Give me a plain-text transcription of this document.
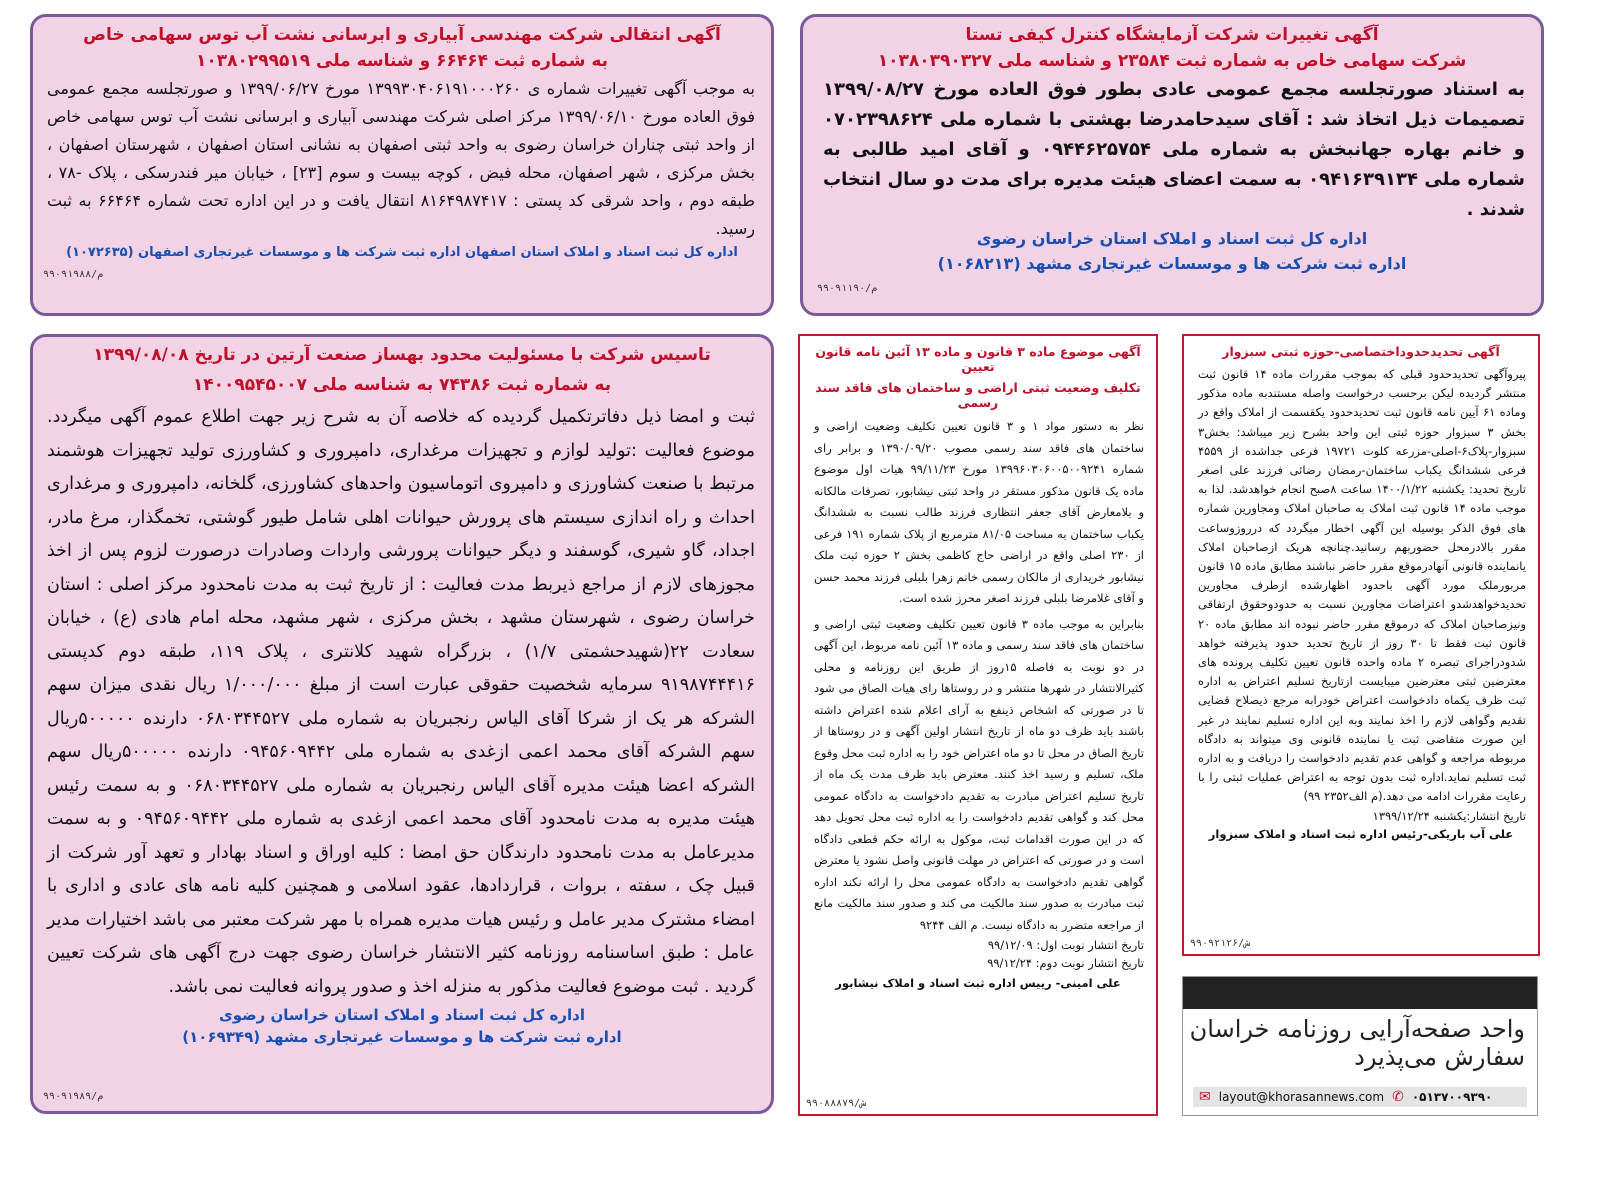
آگهی انتقالی شرکت مهندسی آبیاری و ابرسانی نشت آب توس سهامی خاص
به شماره ثبت ۶۶۴۶۴ و شناسه ملی ۱۰۳۸۰۲۹۹۵۱۹
به موجب آگهی تغییرات شماره ی ۱۳۹۹۳۰۴۰۶۱۹۱۰۰۰۲۶۰ مورخ ۱۳۹۹/۰۶/۲۷ و صورتجلسه مجمع عمومی فوق العاده مورخ ۱۳۹۹/۰۶/۱۰ مرکز اصلی شرکت مهندسی آبیاری و ابرسانی نشت آب توس سهامی خاص از واحد ثبتی چناران خراسان رضوی به واحد ثبتی اصفهان به نشانی استان اصفهان ، شهرستان اصفهان ، بخش مرکزی ، شهر اصفهان، محله فیض ، کوچه بیست و سوم [۲۳] ، خیابان میر فندرسکی ، پلاک -۷۸ ، طبقه دوم ، واحد شرقی کد پستی : ۸۱۶۴۹۸۷۴۱۷ انتقال یافت و در این اداره تحت شماره ۶۶۴۶۴ به ثبت رسید.
اداره کل ثبت اسناد و املاک استان اصفهان اداره ثبت شرکت ها و موسسات غیرتجاری اصفهان (۱۰۷۲۶۳۵)
م/۹۹۰۹۱۹۸۸
آگهی تغییرات شرکت آزمایشگاه کنترل کیفی تستا
شرکت سهامی خاص به شماره ثبت ۲۳۵۸۴ و شناسه ملی ۱۰۳۸۰۳۹۰۳۲۷
به استناد صورتجلسه مجمع عمومی عادی بطور فوق العاده مورخ ۱۳۹۹/۰۸/۲۷ تصمیمات ذیل اتخاذ شد : آقای سیدحامدرضا بهشتی با شماره ملی ۰۷۰۲۳۹۸۶۲۴ و خانم بهاره جهانبخش به شماره ملی ۰۹۴۴۶۲۵۷۵۴ و آقای امید طالبی به شماره ملی ۰۹۴۱۶۳۹۱۳۴ به سمت اعضای هیئت مدیره برای مدت دو سال انتخاب شدند .
اداره کل ثبت اسناد و املاک استان خراسان رضوی
اداره ثبت شرکت ها و موسسات غیرتجاری مشهد (۱۰۶۸۲۱۳)
م/۹۹۰۹۱۱۹۰
تاسیس شرکت با مسئولیت محدود بهساز صنعت آرتین در تاریخ ۱۳۹۹/۰۸/۰۸
به شماره ثبت ۷۴۳۸۶ به شناسه ملی ۱۴۰۰۹۵۴۵۰۰۷
ثبت و امضا ذیل دفاترتکمیل گردیده که خلاصه آن به شرح زیر جهت اطلاع عموم آگهی میگردد. موضوع فعالیت :تولید لوازم و تجهیزات مرغداری، دامپروری و کشاورزی تولید تجهیزات هوشمند مرتبط با صنعت کشاورزی و دامپروی اتوماسیون واحدهای کشاورزی، گلخانه، دامپروری و مرغداری احداث و راه اندازی سیستم های پرورش حیوانات اهلی شامل طیور گوشتی، تخمگذار، مرغ مادر، اجداد، گاو شیری، گوسفند و دیگر حیوانات پرورشی واردات وصادرات درصورت لزوم پس از اخذ مجوزهای لازم از مراجع ذیربط مدت فعالیت : از تاریخ ثبت به مدت نامحدود مرکز اصلی : استان خراسان رضوی ، شهرستان مشهد ، بخش مرکزی ، شهر مشهد، محله امام هادی (ع) ، خیابان سعادت ۲۲(شهیدحشمتی ۱/۷) ، بزرگراه شهید کلانتری ، پلاک ۱۱۹، طبقه دوم کدپستی ۹۱۹۸۷۴۴۴۱۶ سرمایه شخصیت حقوقی عبارت است از مبلغ ۱/۰۰۰/۰۰۰ ریال نقدی میزان سهم الشرکه هر یک از شرکا آقای الیاس رنجبریان به شماره ملی ۰۶۸۰۳۴۴۵۲۷ دارنده ۵۰۰۰۰۰ریال سهم الشرکه آقای محمد اعمی ازغدی به شماره ملی ۰۹۴۵۶۰۹۴۴۲ دارنده ۵۰۰۰۰۰ریال سهم الشرکه اعضا هیئت مدیره آقای الیاس رنجبریان به شماره ملی ۰۶۸۰۳۴۴۵۲۷ و به سمت رئیس هیئت مدیره به مدت نامحدود آقای محمد اعمی ازغدی به شماره ملی ۰۹۴۵۶۰۹۴۴۲ و به سمت مدیرعامل به مدت نامحدود دارندگان حق امضا : کلیه اوراق و اسناد بهادار و تعهد آور شرکت از قبیل چک ، سفته ، بروات ، قراردادها، عقود اسلامی و همچنین کلیه نامه های عادی و اداری با امضاء مشترک مدیر عامل و رئیس هیات مدیره همراه با مهر شرکت معتبر می باشد اختیارات مدیر عامل : طبق اساسنامه روزنامه کثیر الانتشار خراسان رضوی جهت درج آگهی های شرکت تعیین گردید . ثبت موضوع فعالیت مذکور به منزله اخذ و صدور پروانه فعالیت نمی باشد.
اداره کل ثبت اسناد و املاک استان خراسان رضوی
اداره ثبت شرکت ها و موسسات غیرتجاری مشهد (۱۰۶۹۳۴۹)
م/۹۹۰۹۱۹۸۹
آگهی موضوع ماده ۳ قانون و ماده ۱۳ آئین نامه قانون تعیین
تکلیف وضعیت ثبتی اراضی و ساختمان های فاقد سند رسمی
نظر به دستور مواد ۱ و ۳ قانون تعیین تکلیف وضعیت اراضی و ساختمان های فاقد سند رسمی مصوب ۱۳۹۰/۰۹/۲۰ و برابر رای شماره ۱۳۹۹۶۰۳۰۶۰۰۵۰۰۹۲۴۱ مورخ ۹۹/۱۱/۲۳ هیات اول موضوع ماده یک قانون مذکور مستقر در واحد ثبتی نیشابور، تصرفات مالکانه و بلامعارض آقای جعفر انتظاری فرزند طالب نسبت به ششدانگ یکباب ساختمان به مساحت ۸۱/۰۵ مترمربع از پلاک شماره ۱۹۱ فرعی از ۲۳۰ اصلی واقع در اراضی حاج کاظمی بخش ۲ حوزه ثبت ملک نیشابور خریداری از مالکان رسمی خانم زهرا بلبلی فرزند محمد حسن و آقای غلامرضا بلبلی فرزند اصغر محرز شده است.
بنابراین به موجب ماده ۳ قانون تعیین تکلیف وضعیت ثبتی اراضی و ساختمان های فاقد سند رسمی و ماده ۱۳ آئین نامه مربوط، این آگهی در دو نوبت به فاصله ۱۵روز از طریق این روزنامه و محلی کثیرالانتشار در شهرها منتشر و در روستاها رای هیات الصاق می شود تا در صورتی که اشخاص ذینفع به آرای اعلام شده اعتراض داشته باشند باید ظرف دو ماه از تاریخ انتشار اولین آگهی و در روستاها از تاریخ الصاق در محل تا دو ماه اعتراض خود را به اداره ثبت محل وقوع ملک، تسلیم و رسید اخذ کنند. معترض باید ظرف مدت یک ماه از تاریخ تسلیم اعتراض مبادرت به تقدیم دادخواست به دادگاه عمومی محل کند و گواهی تقدیم دادخواست را به اداره ثبت محل تحویل دهد که در این صورت اقدامات ثبت، موکول به ارائه حکم قطعی دادگاه است و در صورتی که اعتراض در مهلت قانونی واصل نشود یا معترض گواهی تقدیم دادخواست به دادگاه عمومی محل را ارائه نکند اداره ثبت مبادرت به صدور سند مالکیت می کند و صدور سند مالکیت مانع از مراجعه متضرر به دادگاه نیست. م الف ۹۲۴۴
تاریخ انتشار نوبت اول: ۹۹/۱۲/۰۹
تاریخ انتشار نوبت دوم: ۹۹/۱۲/۲۴
علی امینی- رییس اداره ثبت اسناد و املاک نیشابور
ش/۹۹۰۸۸۸۷۹
آگهی تحدیدحدوداختصاصی-حوزه ثبتی سبزوار
پیروآگهی تحدیدحدود قبلی که بموجب مقررات ماده ۱۴ قانون ثبت منتشر گردیده لیکن برحسب درخواست واصله مستندبه ماده مذکور وماده ۶۱ آیین نامه قانون ثبت تحدیدحدود یکقسمت از املاک واقع در بخش ۳ سبزوار حوزه ثبتی این واحد بشرح زیر میباشد: بخش۳ سبزوار-پلاک۶-اصلی-مزرعه کلوت ۱۹۷۲۱ فرعی جداشده از ۴۵۵۹ فرعی ششدانگ یکباب ساختمان-رمضان رضائی فرزند علی اصغر تاریخ تحدید: یکشنبه ۱۴۰۰/۱/۲۲ ساعت ۸صبح انجام خواهدشد. لذا به موجب ماده ۱۴ قانون ثبت املاک به صاحبان املاک ومجاورین شماره های فوق الذکر بوسیله این آگهی اخطار میگردد که درروزوساعت مقرر بالادرمحل حضوربهم رسانید.چنانچه هریک ازصاحبان املاک یانماینده قانونی آنهادرموقع مقرر حاضر نباشند مطابق ماده ۱۵ قانون مربورملک مورد آگهی باحدود اظهارشده ازطرف مجاورین تحدیدخواهدشدو اعتراضات مجاورین نسبت به حدودوحقوق ارتفاقی ونیزصاحبان املاک که درموقع مقرر حاضر نبوده اند مطابق ماده ۲۰ قانون ثبت فقط تا ۳۰ روز از تاریخ تحدید حدود پذیرفته خواهد شدودراجرای تبصره ۲ ماده واحده قانون تعیین تکلیف پرونده های معترضین ثبتی معترضین میبایست ازتاریخ تسلیم اعتراض به اداره ثبت ظرف یکماه دادخواست اعتراض خودرابه مرجع ذیصلاح قضایی تقدیم وگواهی لازم را اخذ نمایند وبه این اداره تسلیم نمایند در غیر این صورت متقاضی ثبت یا نماینده قانونی وی میتواند به دادگاه مربوطه مراجعه و گواهی عدم تقدیم دادخواست را دریافت و به اداره ثبت تسلیم نماید.اداره ثبت بدون توجه به اعتراض عملیات ثبتی را با رعایت مقررات ادامه می دهد.(م الف۲۳۵۲ ۹۹)
تاریخ انتشار:یکشنبه ۱۳۹۹/۱۲/۲۴
علی آب باریکی-رئیس اداره ثبت اسناد و املاک سبزوار
ش/۹۹۰۹۲۱۲۶
واحد صفحه‌آرایی روزنامه خراسان
سفارش می‌پذیرد
✉ layout@khorasannews.com ✆ ۰۵۱۳۷۰۰۹۳۹۰
